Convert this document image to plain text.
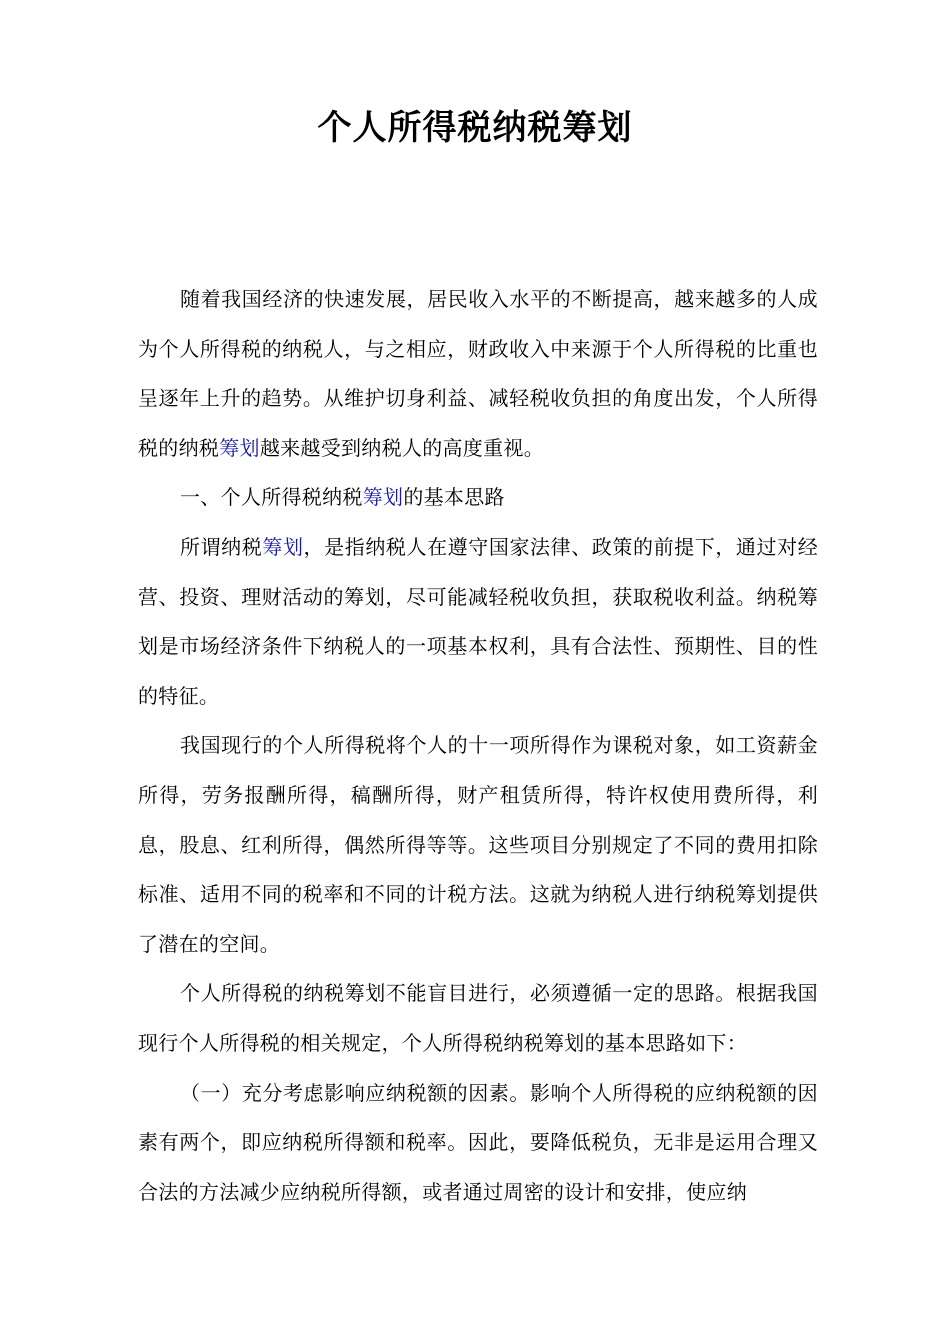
个人所得税纳税筹划

随着我国经济的快速发展，居民收入水平的不断提高，越来越多的人成为个人所得税的纳税人，与之相应，财政收入中来源于个人所得税的比重也呈逐年上升的趋势。从维护切身利益、减轻税收负担的角度出发，个人所得税的纳税筹划越来越受到纳税人的高度重视。

一、个人所得税纳税筹划的基本思路

所谓纳税筹划，是指纳税人在遵守国家法律、政策的前提下，通过对经营、投资、理财活动的筹划，尽可能减轻税收负担，获取税收利益。纳税筹划是市场经济条件下纳税人的一项基本权利，具有合法性、预期性、目的性的特征。

我国现行的个人所得税将个人的十一项所得作为课税对象，如工资薪金所得，劳务报酬所得，稿酬所得，财产租赁所得，特许权使用费所得，利息，股息、红利所得，偶然所得等等。这些项目分别规定了不同的费用扣除标准、适用不同的税率和不同的计税方法。这就为纳税人进行纳税筹划提供了潜在的空间。

个人所得税的纳税筹划不能盲目进行，必须遵循一定的思路。根据我国现行个人所得税的相关规定，个人所得税纳税筹划的基本思路如下：

（一）充分考虑影响应纳税额的因素。影响个人所得税的应纳税额的因素有两个，即应纳税所得额和税率。因此，要降低税负，无非是运用合理又合法的方法减少应纳税所得额，或者通过周密的设计和安排，使应纳
